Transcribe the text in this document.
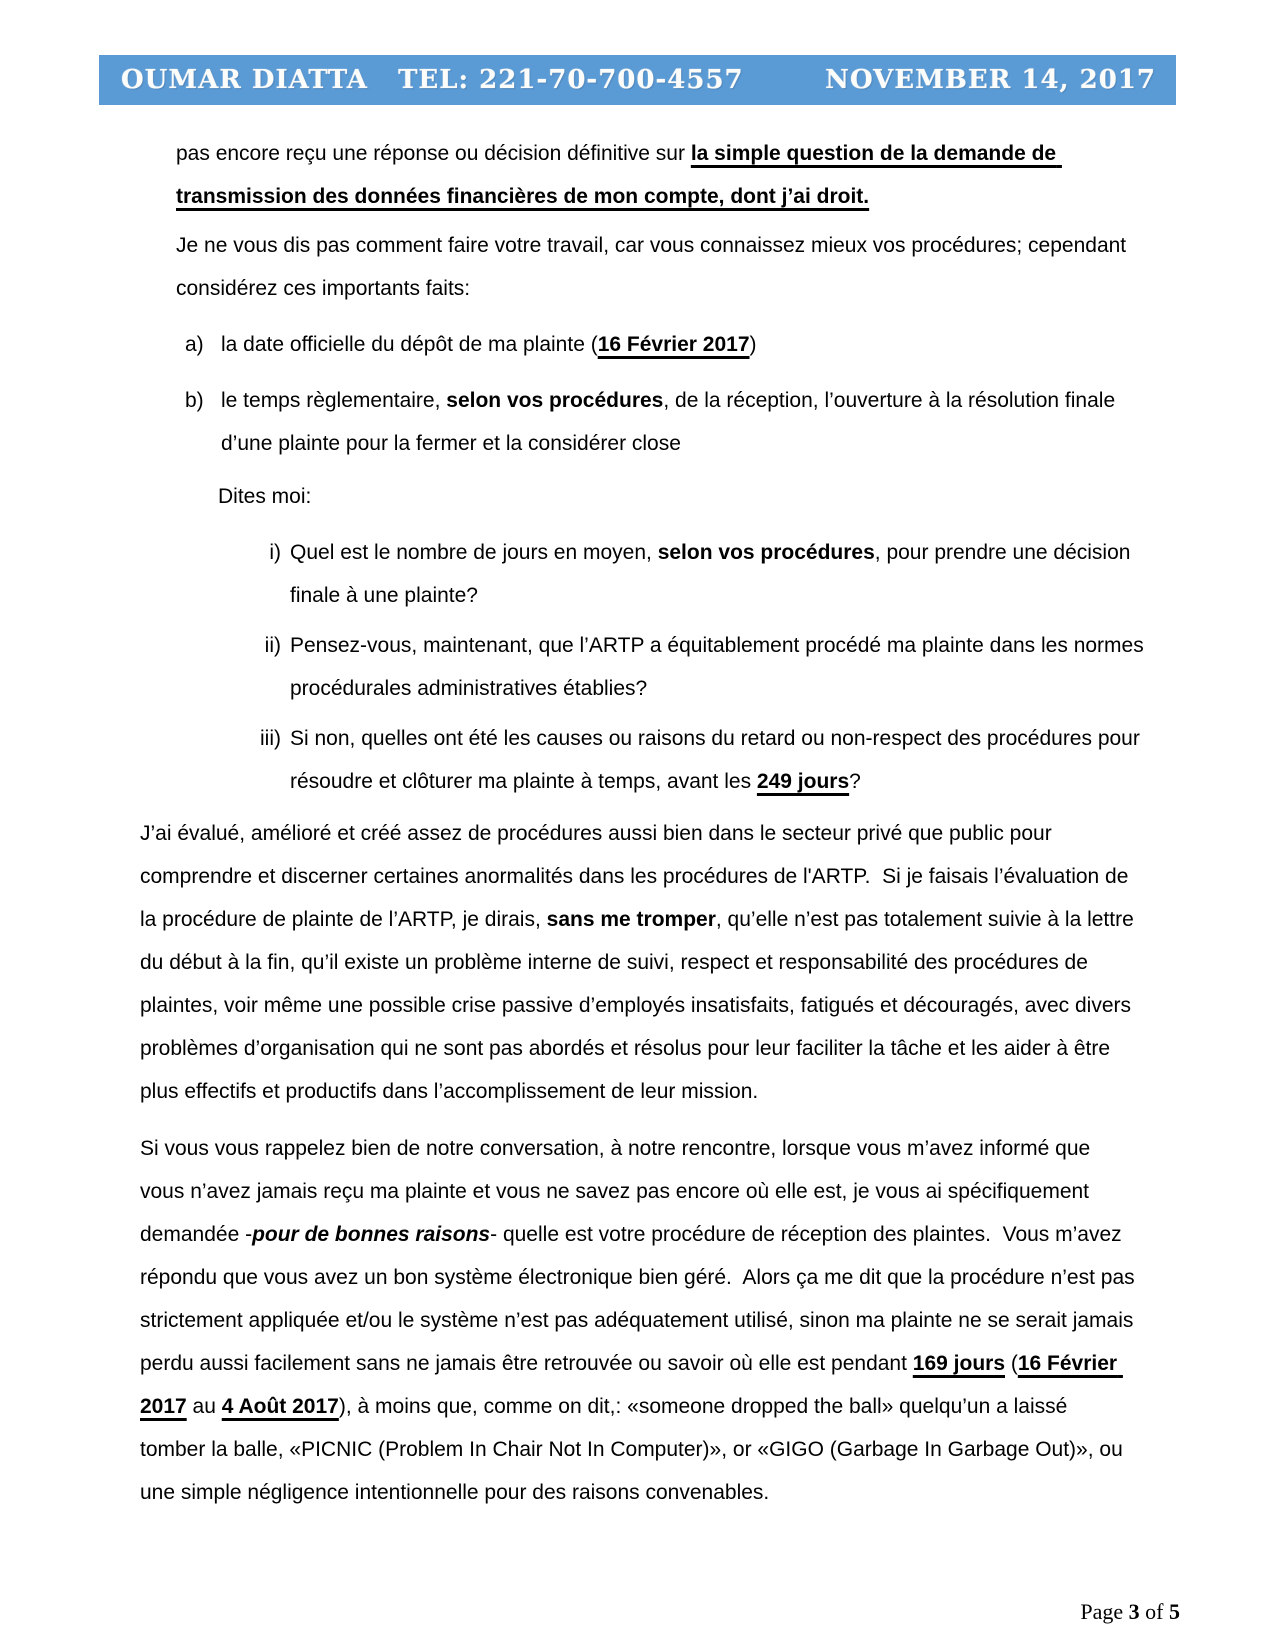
OUMAR DIATTA   TEL: 221-70-700-4557	NOVEMBER 14, 2017

pas encore reçu une réponse ou décision définitive sur la simple question de la demande de transmission des données financières de mon compte, dont j’ai droit.

Je ne vous dis pas comment faire votre travail, car vous connaissez mieux vos procédures; cependant considérez ces importants faits:

a) la date officielle du dépôt de ma plainte (16 Février 2017)
b) le temps règlementaire, selon vos procédures, de la réception, l’ouverture à la résolution finale d’une plainte pour la fermer et la considérer close

Dites moi:

i) Quel est le nombre de jours en moyen, selon vos procédures, pour prendre une décision finale à une plainte?
ii) Pensez-vous, maintenant, que l’ARTP a équitablement procédé ma plainte dans les normes procédurales administratives établies?
iii) Si non, quelles ont été les causes ou raisons du retard ou non-respect des procédures pour résoudre et clôturer ma plainte à temps, avant les 249 jours?

J’ai évalué, amélioré et créé assez de procédures aussi bien dans le secteur privé que public pour comprendre et discerner certaines anormalités dans les procédures de l'ARTP.  Si je faisais l’évaluation de la procédure de plainte de l’ARTP, je dirais, sans me tromper, qu’elle n’est pas totalement suivie à la lettre du début à la fin, qu’il existe un problème interne de suivi, respect et responsabilité des procédures de plaintes, voir même une possible crise passive d’employés insatisfaits, fatigués et découragés, avec divers problèmes d’organisation qui ne sont pas abordés et résolus pour leur faciliter la tâche et les aider à être plus effectifs et productifs dans l’accomplissement de leur mission.

Si vous vous rappelez bien de notre conversation, à notre rencontre, lorsque vous m’avez informé que vous n’avez jamais reçu ma plainte et vous ne savez pas encore où elle est, je vous ai spécifiquement demandée -pour de bonnes raisons- quelle est votre procédure de réception des plaintes.  Vous m’avez répondu que vous avez un bon système électronique bien géré.  Alors ça me dit que la procédure n’est pas strictement appliquée et/ou le système n’est pas adéquatement utilisé, sinon ma plainte ne se serait jamais perdu aussi facilement sans ne jamais être retrouvée ou savoir où elle est pendant 169 jours (16 Février 2017 au 4 Août 2017), à moins que, comme on dit,: «someone dropped the ball» quelqu’un a laissé tomber la balle, «PICNIC (Problem In Chair Not In Computer)», or «GIGO (Garbage In Garbage Out)», ou une simple négligence intentionnelle pour des raisons convenables.

Page 3 of 5
